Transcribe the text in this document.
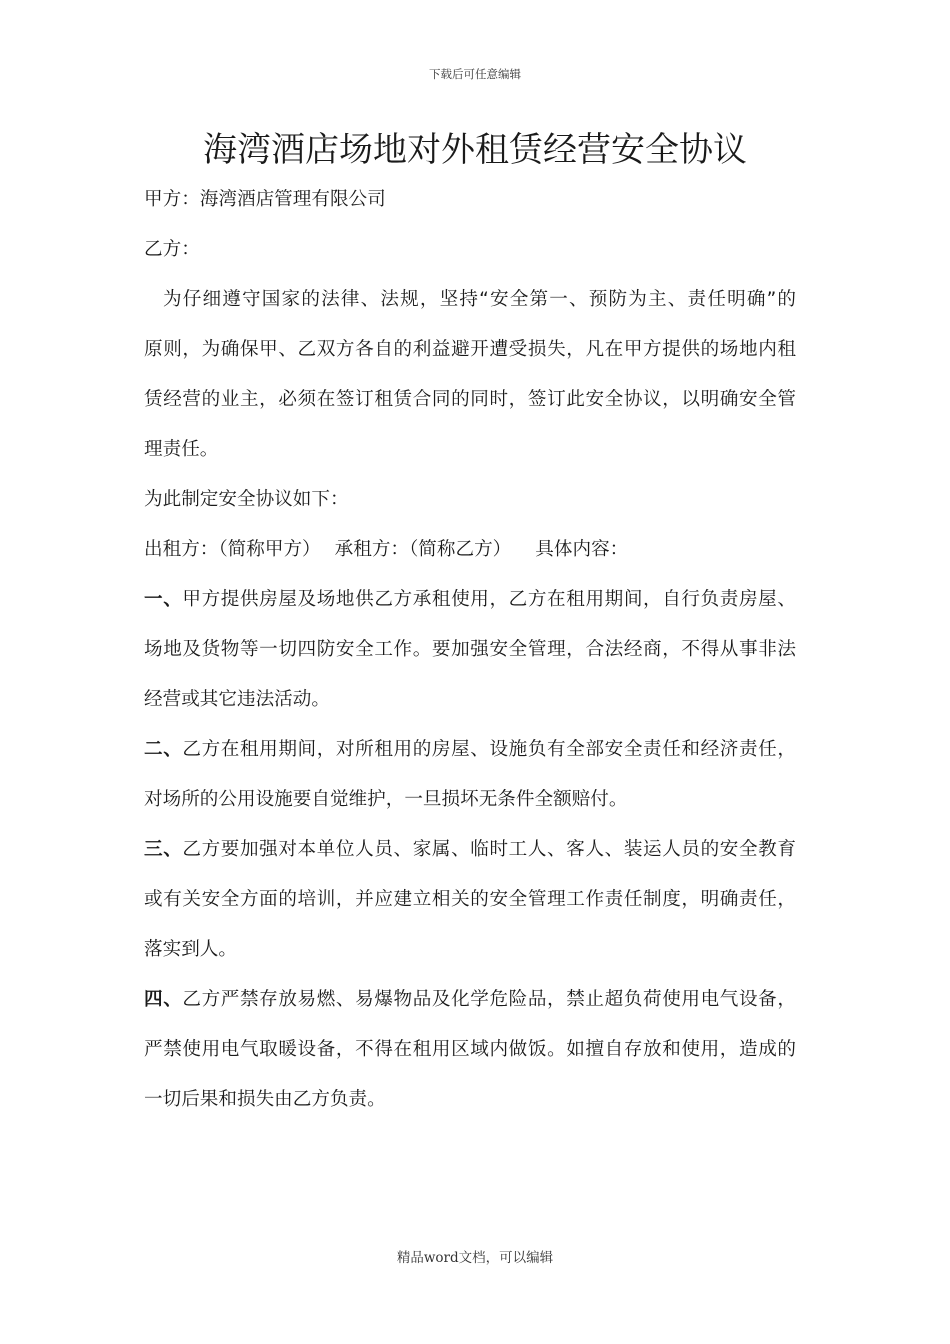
下载后可任意编辑
海湾酒店场地对外租赁经营安全协议
甲方：海湾酒店管理有限公司
乙方：
为仔细遵守国家的法律、法规，坚持“安全第一、预防为主、责任明确”的
原则，为确保甲、乙双方各自的利益避开遭受损失，凡在甲方提供的场地内租
赁经营的业主，必须在签订租赁合同的同时，签订此安全协议，以明确安全管
理责任。
为此制定安全协议如下：
出租方：（简称甲方） 承租方：（简称乙方） 具体内容：
一、甲方提供房屋及场地供乙方承租使用，乙方在租用期间，自行负责房屋、
场地及货物等一切四防安全工作。要加强安全管理，合法经商，不得从事非法
经营或其它违法活动。
二、乙方在租用期间，对所租用的房屋、设施负有全部安全责任和经济责任，
对场所的公用设施要自觉维护，一旦损坏无条件全额赔付。
三、乙方要加强对本单位人员、家属、临时工人、客人、装运人员的安全教育
或有关安全方面的培训，并应建立相关的安全管理工作责任制度，明确责任，
落实到人。
四、乙方严禁存放易燃、易爆物品及化学危险品，禁止超负荷使用电气设备，
严禁使用电气取暖设备，不得在租用区域内做饭。如擅自存放和使用，造成的
一切后果和损失由乙方负责。
精品word文档，可以编辑
